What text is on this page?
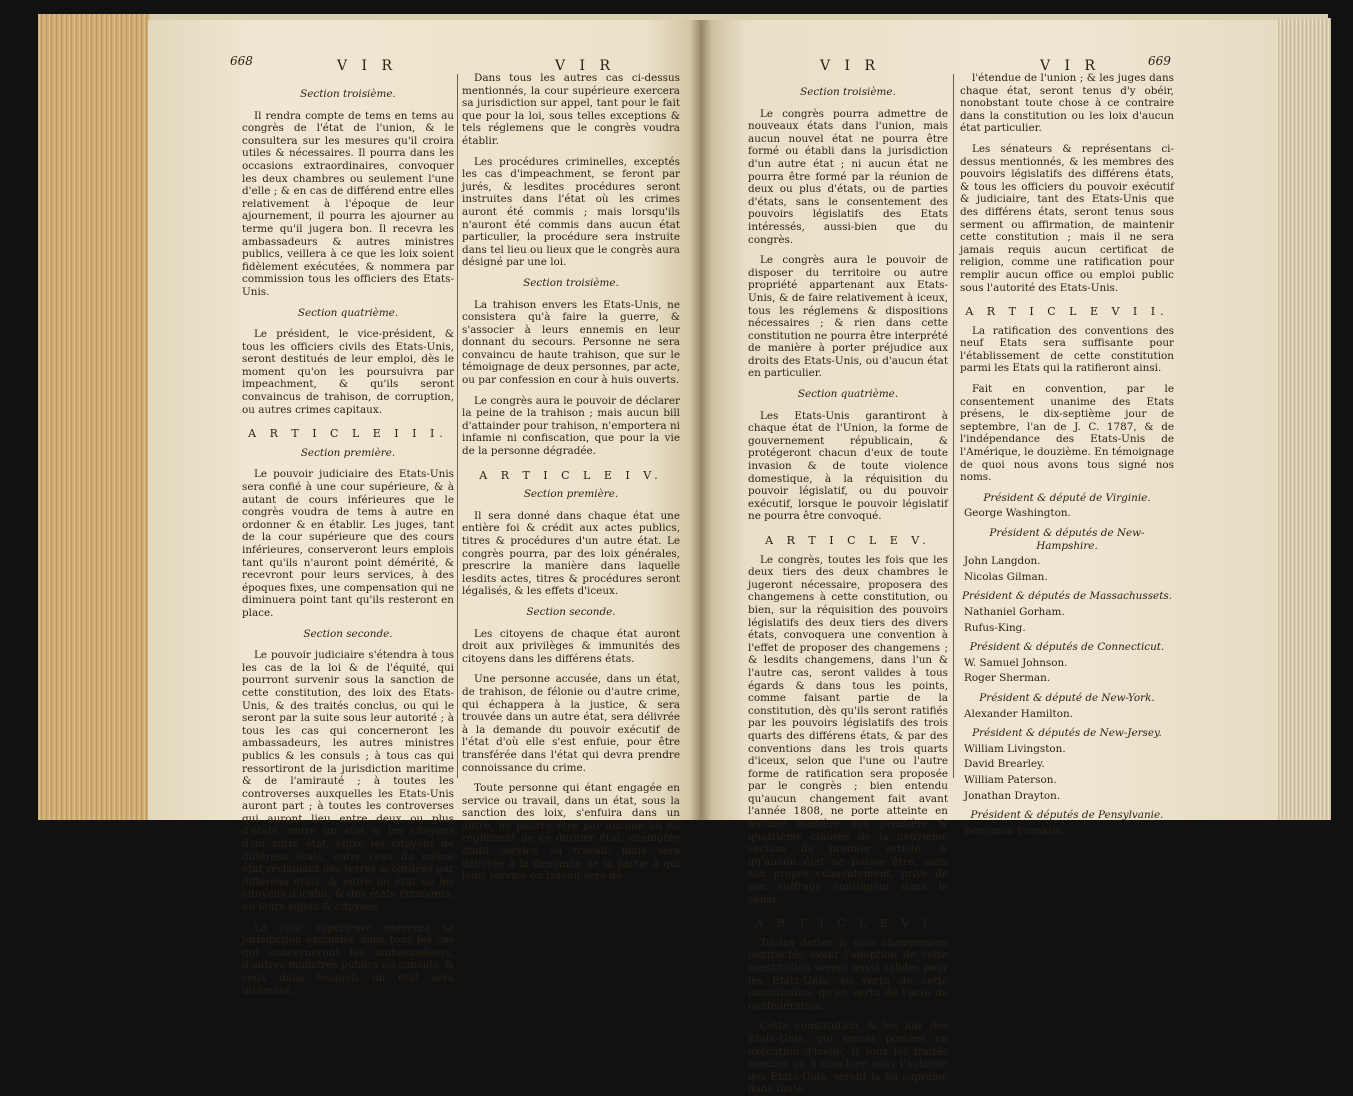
668	V I R	V I R	V I R	V I R	669

Section troisième.

Il rendra compte de tems en tems au congrès de l'état de l'union, & le consultera sur les mesures qu'il croira utiles & nécessaires. Il pourra dans les occasions extraordinaires, convoquer les deux chambres ou seulement l'une d'elle ; & en cas de différend entre elles relativement à l'époque de leur ajournement, il pourra les ajourner au terme qu'il jugera bon. Il recevra les ambassadeurs & autres ministres publics, veillera à ce que les loix soient fidèlement exécutées, & nommera par commission tous les officiers des Etats-Unis.

Section quatrième.

Le président, le vice-président, & tous les officiers civils des Etats-Unis, seront destitués de leur emploi, dès le moment qu'on les poursuivra par impeachment, & qu'ils seront convaincus de trahison, de corruption, ou autres crimes capitaux.

A R T I C L E I I I.

Section première.

Le pouvoir judiciaire des Etats-Unis sera confié à une cour supérieure, & à autant de cours inférieures que le congrès voudra de tems à autre en ordonner & en établir. Les juges, tant de la cour supérieure que des cours inférieures, conserveront leurs emplois tant qu'ils n'auront point démérité, & recevront pour leurs services, à des époques fixes, une compensation qui ne diminuera point tant qu'ils resteront en place.

Section seconde.

Le pouvoir judiciaire s'étendra à tous les cas de la loi & de l'équité, qui pourront survenir sous la sanction de cette constitution, des loix des Etats-Unis, & des traités conclus, ou qui le seront par la suite sous leur autorité ; à tous les cas qui concerneront les ambassadeurs, les autres ministres publics & les consuls ; à tous cas qui ressortiront de la jurisdiction maritime & de l'amirauté ; à toutes les controverses auxquelles les Etats-Unis auront part ; à toutes les controverses qui auront lieu entre deux ou plus d'états, entre un état & les citoyens d'un autre état, entre les citoyens de différens états, entre ceux du même état réclamant des terres accordées par différens états, & entre un état ou les citoyens d'icelui, & des états étrangers, ou leurs sujets & citoyens.

La cour supérieure exercera sa jurisdiction exclusive dans tous les cas qui concerneront les ambassadeurs, d'autres ministres publics ou consuls, & ceux dans lesquels un état sera intéressé.

Dans tous les autres cas ci-dessus mentionnés, la cour supérieure exercera sa jurisdiction sur appel, tant pour le fait que pour la loi, sous telles exceptions & tels réglemens que le congrès voudra établir.

Les procédures criminelles, exceptés les cas d'impeachment, se feront par jurés, & lesdites procédures seront instruites dans l'état où les crimes auront été commis ; mais lorsqu'ils n'auront été commis dans aucun état particulier, la procédure sera instruite dans tel lieu ou lieux que le congrès aura désigné par une loi.

Section troisième.

La trahison envers les Etats-Unis, ne consistera qu'à faire la guerre, & s'associer à leurs ennemis en leur donnant du secours. Personne ne sera convaincu de haute trahison, que sur le témoignage de deux personnes, par acte, ou par confession en cour à huis ouverts.

Le congrès aura le pouvoir de déclarer la peine de la trahison ; mais aucun bill d'attainder pour trahison, n'emportera ni infamie ni confiscation, que pour la vie de la personne dégradée.

A R T I C L E I V.

Section première.

Il sera donné dans chaque état une entière foi & crédit aux actes publics, titres & procédures d'un autre état. Le congrès pourra, par des loix générales, prescrire la manière dans laquelle lesdits actes, titres & procédures seront légalisés, & les effets d'iceux.

Section seconde.

Les citoyens de chaque état auront droit aux privilèges & immunités des citoyens dans les différens états.

Une personne accusée, dans un état, de trahison, de félonie ou d'autre crime, qui échappera à la justice, & sera trouvée dans un autre état, sera délivrée à la demande du pouvoir exécutif de l'état d'où elle s'est enfuie, pour être transférée dans l'état qui devra prendre connoissance du crime.

Toute personne qui étant engagée en service ou travail, dans un état, sous la sanction des loix, s'enfuira dans un autre, ne pourra être par aucune loi ou règlement de ce dernier état, exemptée dudit service ou travail, mais sera délivrée à la demande de la partie à qui ledit service ou travail sera dû.

Section troisième.

Le congrès pourra admettre de nouveaux états dans l'union, mais aucun nouvel état ne pourra être formé ou établi dans la jurisdiction d'un autre état ; ni aucun état ne pourra être formé par la réunion de deux ou plus d'états, ou de parties d'états, sans le consentement des pouvoirs législatifs des Etats intéressés, aussi-bien que du congrès.

Le congrès aura le pouvoir de disposer du territoire ou autre propriété appartenant aux Etats-Unis, & de faire relativement à iceux, tous les réglemens & dispositions nécessaires ; & rien dans cette constitution ne pourra être interprété de manière à porter préjudice aux droits des Etats-Unis, ou d'aucun état en particulier.

Section quatrième.

Les Etats-Unis garantiront à chaque état de l'Union, la forme de gouvernement républicain, & protégeront chacun d'eux de toute invasion & de toute violence domestique, à la réquisition du pouvoir législatif, ou du pouvoir exécutif, lorsque le pouvoir législatif ne pourra être convoqué.

A R T I C L E V.

Le congrès, toutes les fois que les deux tiers des deux chambres le jugeront nécessaire, proposera des changemens à cette constitution, ou bien, sur la réquisition des pouvoirs législatifs des deux tiers des divers états, convoquera une convention à l'effet de proposer des changemens ; & lesdits changemens, dans l'un & l'autre cas, seront valides à tous égards & dans tous les points, comme faisant partie de la constitution, dès qu'ils seront ratifiés par les pouvoirs législatifs des trois quarts des différens états, & par des conventions dans les trois quarts d'iceux, selon que l'une ou l'autre forme de ratification sera proposée par le congrès ; bien entendu qu'aucun changement fait avant l'année 1808, ne porte atteinte en aucune manière aux première & quatrième clauses de la neuvième section du premier article, & qu'aucun état ne puisse être, sans son propre consentement, privé de son suffrage contingent dans le sénat.

A R T I C L E V I.

Toutes dettes & tous changemens contractés avant l'adoption de cette constitution seront aussi valides pour les Etats-Unis, en vertu de cette constitution, qu'en vertu de l'acte de confédération.

Cette constitution, & les loix des Etats-Unis, qui seront portées en exécution d'icelle, & tous les traités conclus ou à conclure sous l'autorité des Etats-Unis, seront la loi suprême dans toute

l'étendue de l'union ; & les juges dans chaque état, seront tenus d'y obéir, nonobstant toute chose à ce contraire dans la constitution ou les loix d'aucun état particulier.

Les sénateurs & représentans ci-dessus mentionnés, & les membres des pouvoirs législatifs des différens états, & tous les officiers du pouvoir exécutif & judiciaire, tant des Etats-Unis que des différens états, seront tenus sous serment ou affirmation, de maintenir cette constitution ; mais il ne sera jamais requis aucun certificat de religion, comme une ratification pour remplir aucun office ou emploi public sous l'autorité des Etats-Unis.

A R T I C L E V I I.

La ratification des conventions des neuf Etats sera suffisante pour l'établissement de cette constitution parmi les Etats qui la ratifieront ainsi.

Fait en convention, par le consentement unanime des Etats présens, le dix-septième jour de septembre, l'an de J. C. 1787, & de l'indépendance des Etats-Unis de l'Amérique, le douzième. En témoignage de quoi nous avons tous signé nos noms.

Président & député de Virginie.

George Washington.

Président & députés de New-Hampshire.

John Langdon.

Nicolas Gilman.

Président & députés de Massachussets.

Nathaniel Gorham.

Rufus-King.

Président & députés de Connecticut.

W. Samuel Johnson.

Roger Sherman.

Président & député de New-York.

Alexander Hamilton.

Président & députés de New-Jersey.

William Livingston.

David Brearley.

William Paterson.

Jonathan Drayton.

Président & députés de Pensylvanie.

Benjamin Franklin.
